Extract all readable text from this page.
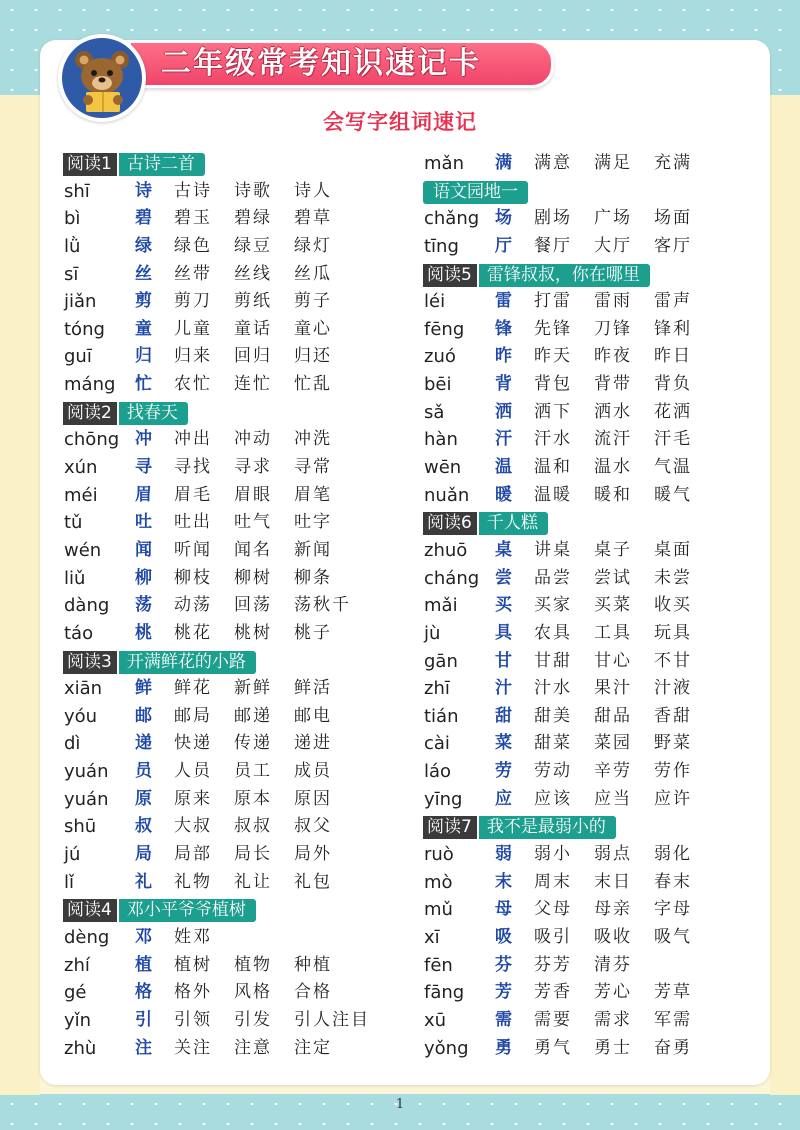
二年级常考知识速记卡
会写字组词速记
阅读1 古诗二首
shī	诗 古诗 诗歌 诗人
bì	碧 碧玉 碧绿 碧草
lǜ	绿 绿色 绿豆 绿灯
sī	丝 丝带 丝线 丝瓜
jiǎn 剪 剪刀 剪纸 剪子
tóng 童 儿童 童话 童心
guī	归 归来 回归 归还
máng 忙 农忙 连忙 忙乱
阅读2 找春天
chōng 冲 冲出 冲动 冲洗
xún 寻 寻找 寻求 寻常
méi 眉 眉毛 眉眼 眉笔
tǔ	吐 吐出 吐气 吐字
wén 闻 听闻 闻名 新闻
liǔ	柳 柳枝 柳树 柳条
dàng 荡 动荡 回荡 荡秋千
táo 桃 桃花 桃树 桃子
阅读3 开满鲜花的小路
xiān 鲜 鲜花 新鲜 鲜活
yóu 邮 邮局 邮递 邮电
dì	递 快递 传递 递进
yuán 员 人员 员工 成员
yuán 原 原来 原本 原因
shū 叔 大叔 叔叔 叔父
jú	局 局部 局长 局外
lǐ	礼 礼物 礼让 礼包
阅读4 邓小平爷爷植树
dèng 邓 姓邓
zhí	植 植树 植物 种植
gé	格 格外 风格 合格
yǐn	引 引领 引发 引人注目
zhù 注 关注 注意 注定
mǎn 满 满意 满足 充满
语文园地一
chǎng 场 剧场 广场 场面
tīng 厅 餐厅 大厅 客厅
阅读5 雷锋叔叔，你在哪里
léi	雷 打雷 雷雨 雷声
fēng 锋 先锋 刀锋 锋利
zuó 昨 昨天 昨夜 昨日
bēi	背 背包 背带 背负
sǎ	洒 洒下 洒水 花洒
hàn 汗 汗水 流汗 汗毛
wēn 温 温和 温水 气温
nuǎn 暖 温暖 暖和 暖气
阅读6 千人糕
zhuō 桌 讲桌 桌子 桌面
cháng 尝 品尝 尝试 未尝
mǎi 买 买家 买菜 收买
jù	具 农具 工具 玩具
gān 甘 甘甜 甘心 不甘
zhī	汁 汁水 果汁 汁液
tián 甜 甜美 甜品 香甜
cài	菜 甜菜 菜园 野菜
láo	劳 劳动 辛劳 劳作
yīng 应 应该 应当 应许
阅读7 我不是最弱小的
ruò 弱 弱小 弱点 弱化
mò 末 周末 末日 春末
mǔ 母 父母 母亲 字母
xī	吸 吸引 吸收 吸气
fēn 芬 芬芳 清芬
fāng 芳 芳香 芳心 芳草
xū	需 需要 需求 军需
yǒng 勇 勇气 勇士 奋勇
1
